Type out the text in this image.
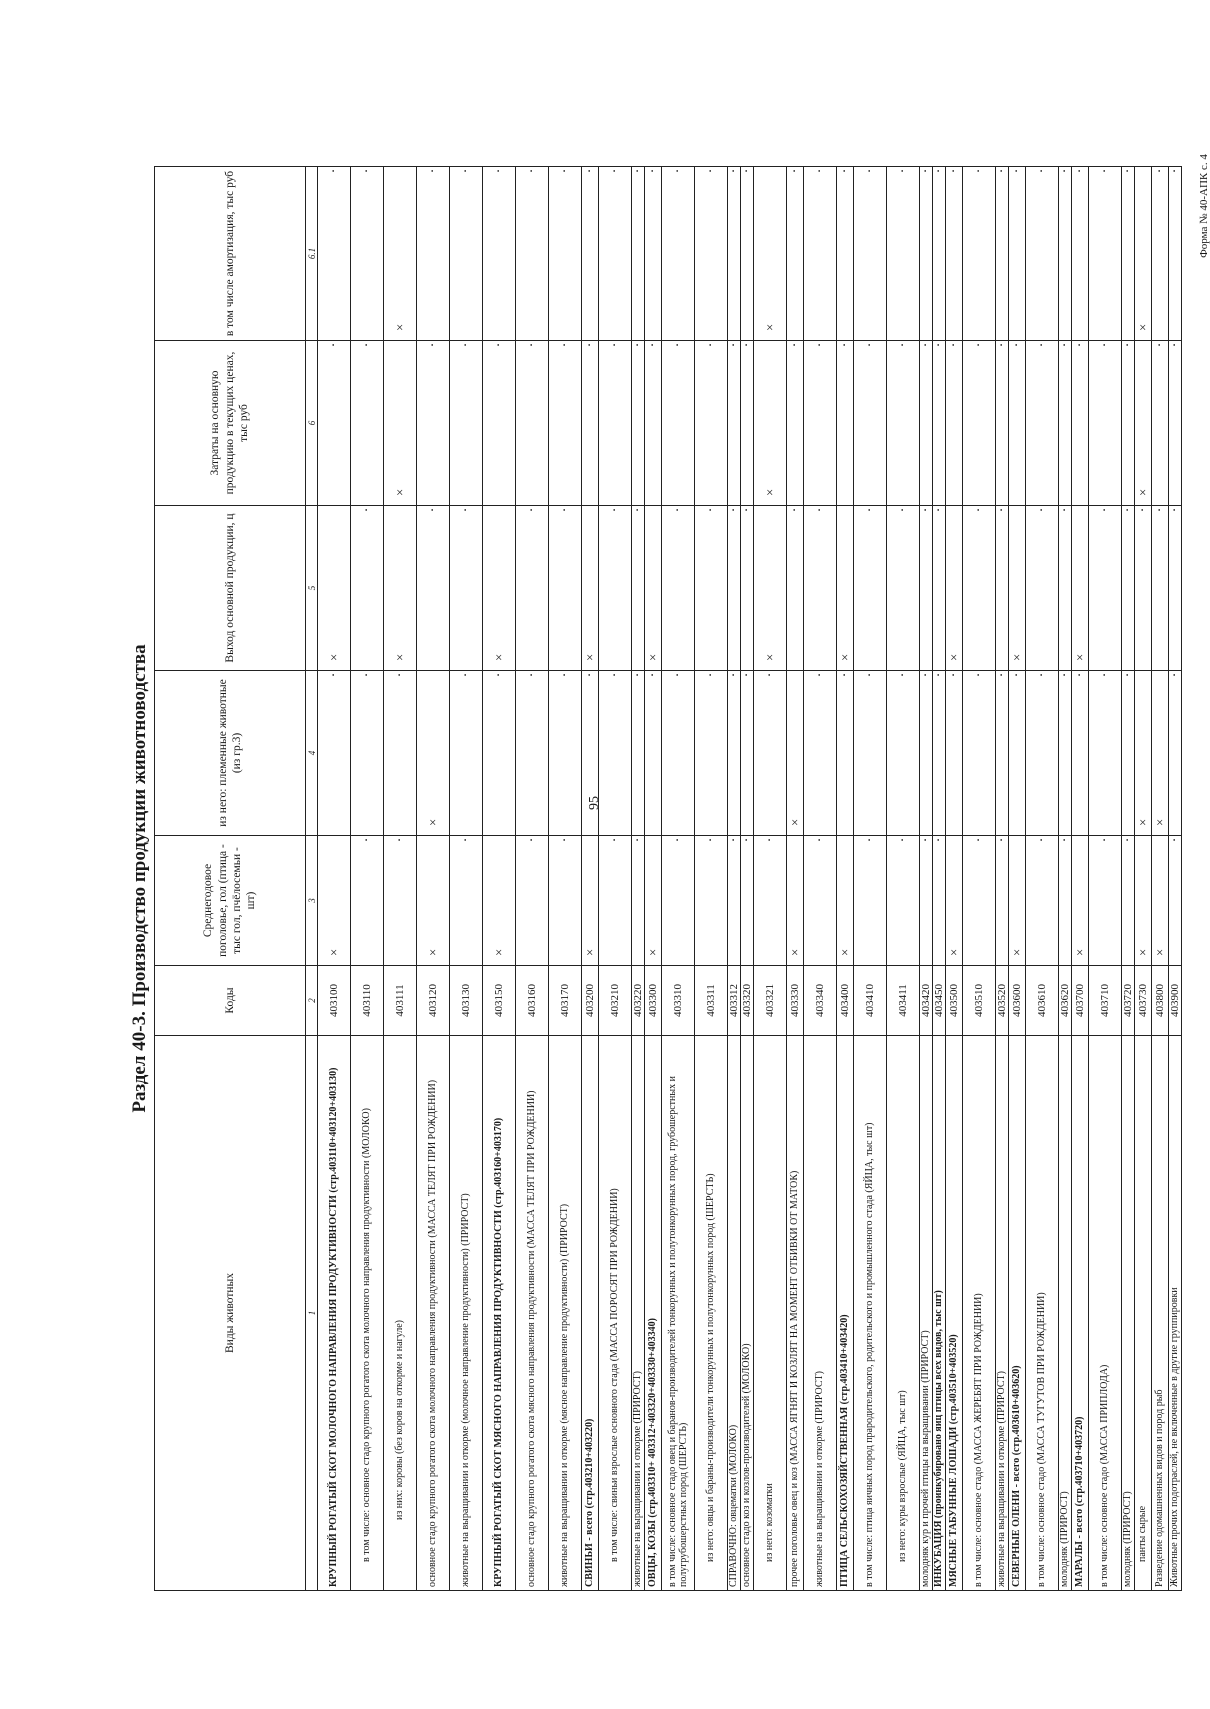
95
Форма № 40-АПК с. 4
Раздел 40-3. Производство продукции животноводства
Виды животных	Коды	Среднегодовое поголовье, гол (птица - тыс гол, пчёлосемьи - шт)	из него: племенные животные (из гр.3)	Выход основной продукции, ц	Затраты на основную продукцию в текущих ценах, тыс руб	в том числе амортизация, тыс руб
1	2	3	4	5	6	6.1
КРУПНЫЙ РОГАТЫЙ СКОТ МОЛОЧНОГО НАПРАВЛЕНИЯ ПРОДУКТИВНОСТИ (стр.403110+403120+403130)	403100	×	▪	×	▪	▪
в том числе: основное стадо крупного рогатого скота молочного направления продуктивности (МОЛОКО)	403110	▪	▪	▪	▪	▪
из них: коровы (без коров на откорме и нагуле)	403111	▪	▪	×	×	×
основное стадо крупного рогатого скота молочного направления продуктивности (МАССА ТЕЛЯТ ПРИ РОЖДЕНИИ)	403120	×	×	▪	▪	▪
животные на выращивании и откорме (молочное направление продуктивности) (ПРИРОСТ)	403130	▪	▪	▪	▪	▪
КРУПНЫЙ РОГАТЫЙ СКОТ МЯСНОГО НАПРАВЛЕНИЯ ПРОДУКТИВНОСТИ (стр.403160+403170)	403150	×	▪	×	▪	▪
основное стадо крупного рогатого скота мясного направления продуктивности (МАССА ТЕЛЯТ ПРИ РОЖДЕНИИ)	403160	▪	▪	▪	▪	▪
животные на выращивании и откорме (мясное направление продуктивности) (ПРИРОСТ)	403170	▪	▪	▪	▪	▪
СВИНЬИ - всего (стр.403210+403220)	403200	×	▪	×	▪	▪
в том числе: свиньи взрослые основного стада (МАССА ПОРОСЯТ ПРИ РОЖДЕНИИ)	403210	▪	▪	▪	▪	▪
животные на выращивании и откорме (ПРИРОСТ)	403220	▪	▪	▪	▪	▪
ОВЦЫ, КОЗЫ (стр.403310+ 403312+403320+403330+403340)	403300	×	▪	×	▪	▪
в том числе: основное стадо овец и баранов-производителей тонкорунных и полутонкорунных пород, грубошерстных и полугрубошерстных пород (ШЕРСТЬ)	403310	▪	▪	▪	▪	▪
из него: овцы и бараны-производители тонкорунных и полутонкорунных пород (ШЕРСТЬ)	403311	▪	▪	▪	▪	▪
СПРАВОЧНО: овцематки (МОЛОКО)	403312	▪	▪	▪	▪	▪
основное стадо коз и козлов-производителей (МОЛОКО)	403320	▪	▪	▪	▪	▪
из него: козоматки	403321	▪	▪	×	×	×
прочее поголовье овец и коз (МАССА ЯГНЯТ И КОЗЛЯТ НА МОМЕНТ ОТБИВКИ ОТ МАТОК)	403330	×	×	▪	▪	▪
животные на выращивании и откорме (ПРИРОСТ)	403340	▪	▪	▪	▪	▪
ПТИЦА СЕЛЬСКОХОЗЯЙСТВЕННАЯ (стр.403410+403420)	403400	×	▪	×	▪	▪
в том числе: птица яичных пород прародительского, родительского и промышленного стада (ЯЙЦА, тыс шт)	403410	▪	▪	▪	▪	▪
из него: куры взрослые (ЯЙЦА, тыс шт)	403411	▪	▪	▪	▪	▪
молодняк кур и прочей птицы на выращивании (ПРИРОСТ)	403420	▪	▪	▪	▪	▪
ИНКУБАЦИЯ (проинкубировано яиц птицы всех видов, тыс шт)	403450	▪	▪	▪	▪	▪
МЯСНЫЕ ТАБУННЫЕ ЛОШАДИ (стр.403510+403520)	403500	×	▪	×	▪	▪
в том числе: основное стадо (МАССА ЖЕРЕБЯТ ПРИ РОЖДЕНИИ)	403510	▪	▪	▪	▪	▪
животные на выращивании и откорме (ПРИРОСТ)	403520	▪	▪	▪	▪	▪
СЕВЕРНЫЕ ОЛЕНИ - всего (стр.403610+403620)	403600	×	▪	×	▪	▪
в том числе: основное стадо (МАССА ТУГУТОВ ПРИ РОЖДЕНИИ)	403610	▪	▪	▪	▪	▪
молодняк (ПРИРОСТ)	403620	▪	▪	▪	▪	▪
МАРАЛЫ - всего (стр.403710+403720)	403700	×	▪	×	▪	▪
в том числе: основное стадо (МАССА ПРИПЛОДА)	403710	▪	▪	▪	▪	▪
молодняк (ПРИРОСТ)	403720	▪	▪	▪	▪	▪
панты сырые	403730	×	×	▪	×	×
Разведение одомашненных видов и пород рыб	403800	×	×	▪	▪	▪
Животные прочих подотраслей, не включенные в другие группировки	403900	▪	▪	▪	▪	▪
